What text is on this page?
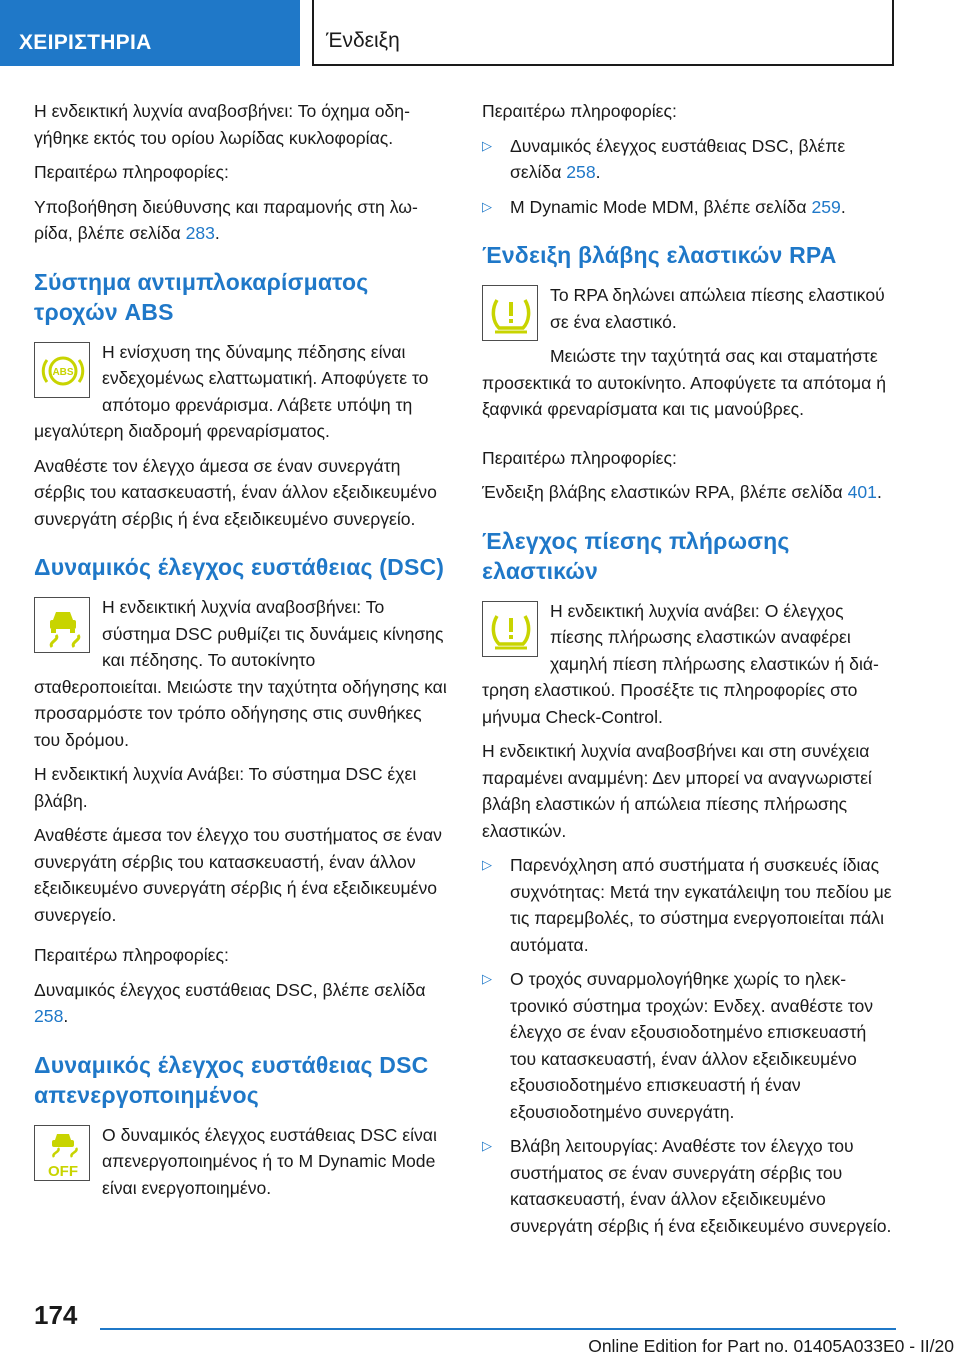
ΧΕΙΡΙΣΤΗΡΙΑ	Ένδειξη

Η ενδεικτική λυχνία αναβοσβήνει: Το όχημα οδηγήθηκε εκτός του ορίου λωρίδας κυκλοφορίας.

Περαιτέρω πληροφορίες:

Υποβοήθηση διεύθυνσης και παραμονής στη λωρίδα, βλέπε σελίδα 283.

Σύστημα αντιμπλοκαρίσματος τροχών ABS
ABS

Η ενίσχυση της δύναμης πέδησης είναι ενδεχομένως ελαττωματική. Αποφύγετε το απότομο φρενάρισμα. Λάβετε υπόψη τη μεγαλύτερη διαδρομή φρεναρίσματος.

Αναθέστε τον έλεγχο άμεσα σε έναν συνεργάτη σέρβις του κατασκευαστή, έναν άλλον εξειδικευμένο συνεργάτη σέρβις ή ένα εξειδικευμένο συνεργείο.

Δυναμικός έλεγχος ευστάθειας (DSC)

Η ενδεικτική λυχνία αναβοσβήνει: Το σύστημα DSC ρυθμίζει τις δυνάμεις κίνησης και πέδησης. Το αυτοκίνητο σταθεροποιείται. Μειώστε την ταχύτητα οδήγησης και προσαρμόστε τον τρόπο οδήγησης στις συνθήκες του δρόμου.

Η ενδεικτική λυχνία Ανάβει: Το σύστημα DSC έχει βλάβη.

Αναθέστε άμεσα τον έλεγχο του συστήματος σε έναν συνεργάτη σέρβις του κατασκευαστή, έναν άλλον εξειδικευμένο συνεργάτη σέρβις ή ένα εξειδικευμένο συνεργείο.

Περαιτέρω πληροφορίες:

Δυναμικός έλεγχος ευστάθειας DSC, βλέπε σελίδα 258.

Δυναμικός έλεγχος ευστάθειας DSC απενεργοποιημένος
OFF

Ο δυναμικός έλεγχος ευστάθειας DSC είναι απενεργοποιημένος ή το M Dynamic Mode είναι ενεργοποιημένο.

Περαιτέρω πληροφορίες:

▷ Δυναμικός έλεγχος ευστάθειας DSC, βλέπε σελίδα 258.
▷ M Dynamic Mode MDM, βλέπε σελίδα 259.
Ένδειξη βλάβης ελαστικών RPA

Το RPA δηλώνει απώλεια πίεσης ελαστικού σε ένα ελαστικό.

Μειώστε την ταχύτητά σας και σταματήστε προσεκτικά το αυτοκίνητο. Αποφύγετε τα απότομα ή ξαφνικά φρεναρίσματα και τις μανούβρες.

Περαιτέρω πληροφορίες:

Ένδειξη βλάβης ελαστικών RPA, βλέπε σελίδα 401.

Έλεγχος πίεσης πλήρωσης ελαστικών

Η ενδεικτική λυχνία ανάβει: Ο έλεγχος πίεσης πλήρωσης ελαστικών αναφέρει χαμηλή πίεση πλήρωσης ελαστικών ή διάτρηση ελαστικού. Προσέξτε τις πληροφορίες στο μήνυμα Check-Control.

Η ενδεικτική λυχνία αναβοσβήνει και στη συνέχεια παραμένει αναμμένη: Δεν μπορεί να αναγνωριστεί βλάβη ελαστικών ή απώλεια πίεσης πλήρωσης ελαστικών.

▷ Παρενόχληση από συστήματα ή συσκευές ίδιας συχνότητας: Μετά την εγκατάλειψη του πεδίου με τις παρεμβολές, το σύστημα ενεργοποιείται πάλι αυτόματα.
▷ Ο τροχός συναρμολογήθηκε χωρίς το ηλεκτρονικό σύστημα τροχών: Ενδεχ. αναθέστε τον έλεγχο σε έναν εξουσιοδοτημένο επισκευαστή του κατασκευαστή, έναν άλλον εξειδικευμένο εξουσιοδοτημένο επισκευαστή ή έναν εξουσιοδοτημένο συνεργάτη.
▷ Βλάβη λειτουργίας: Αναθέστε τον έλεγχο του συστήματος σε έναν συνεργάτη σέρβις του κατασκευαστή, έναν άλλον εξειδικευμένο συνεργάτη σέρβις ή ένα εξειδικευμένο συνεργείο.
174
Online Edition for Part no. 01405A033E0 - II/20
